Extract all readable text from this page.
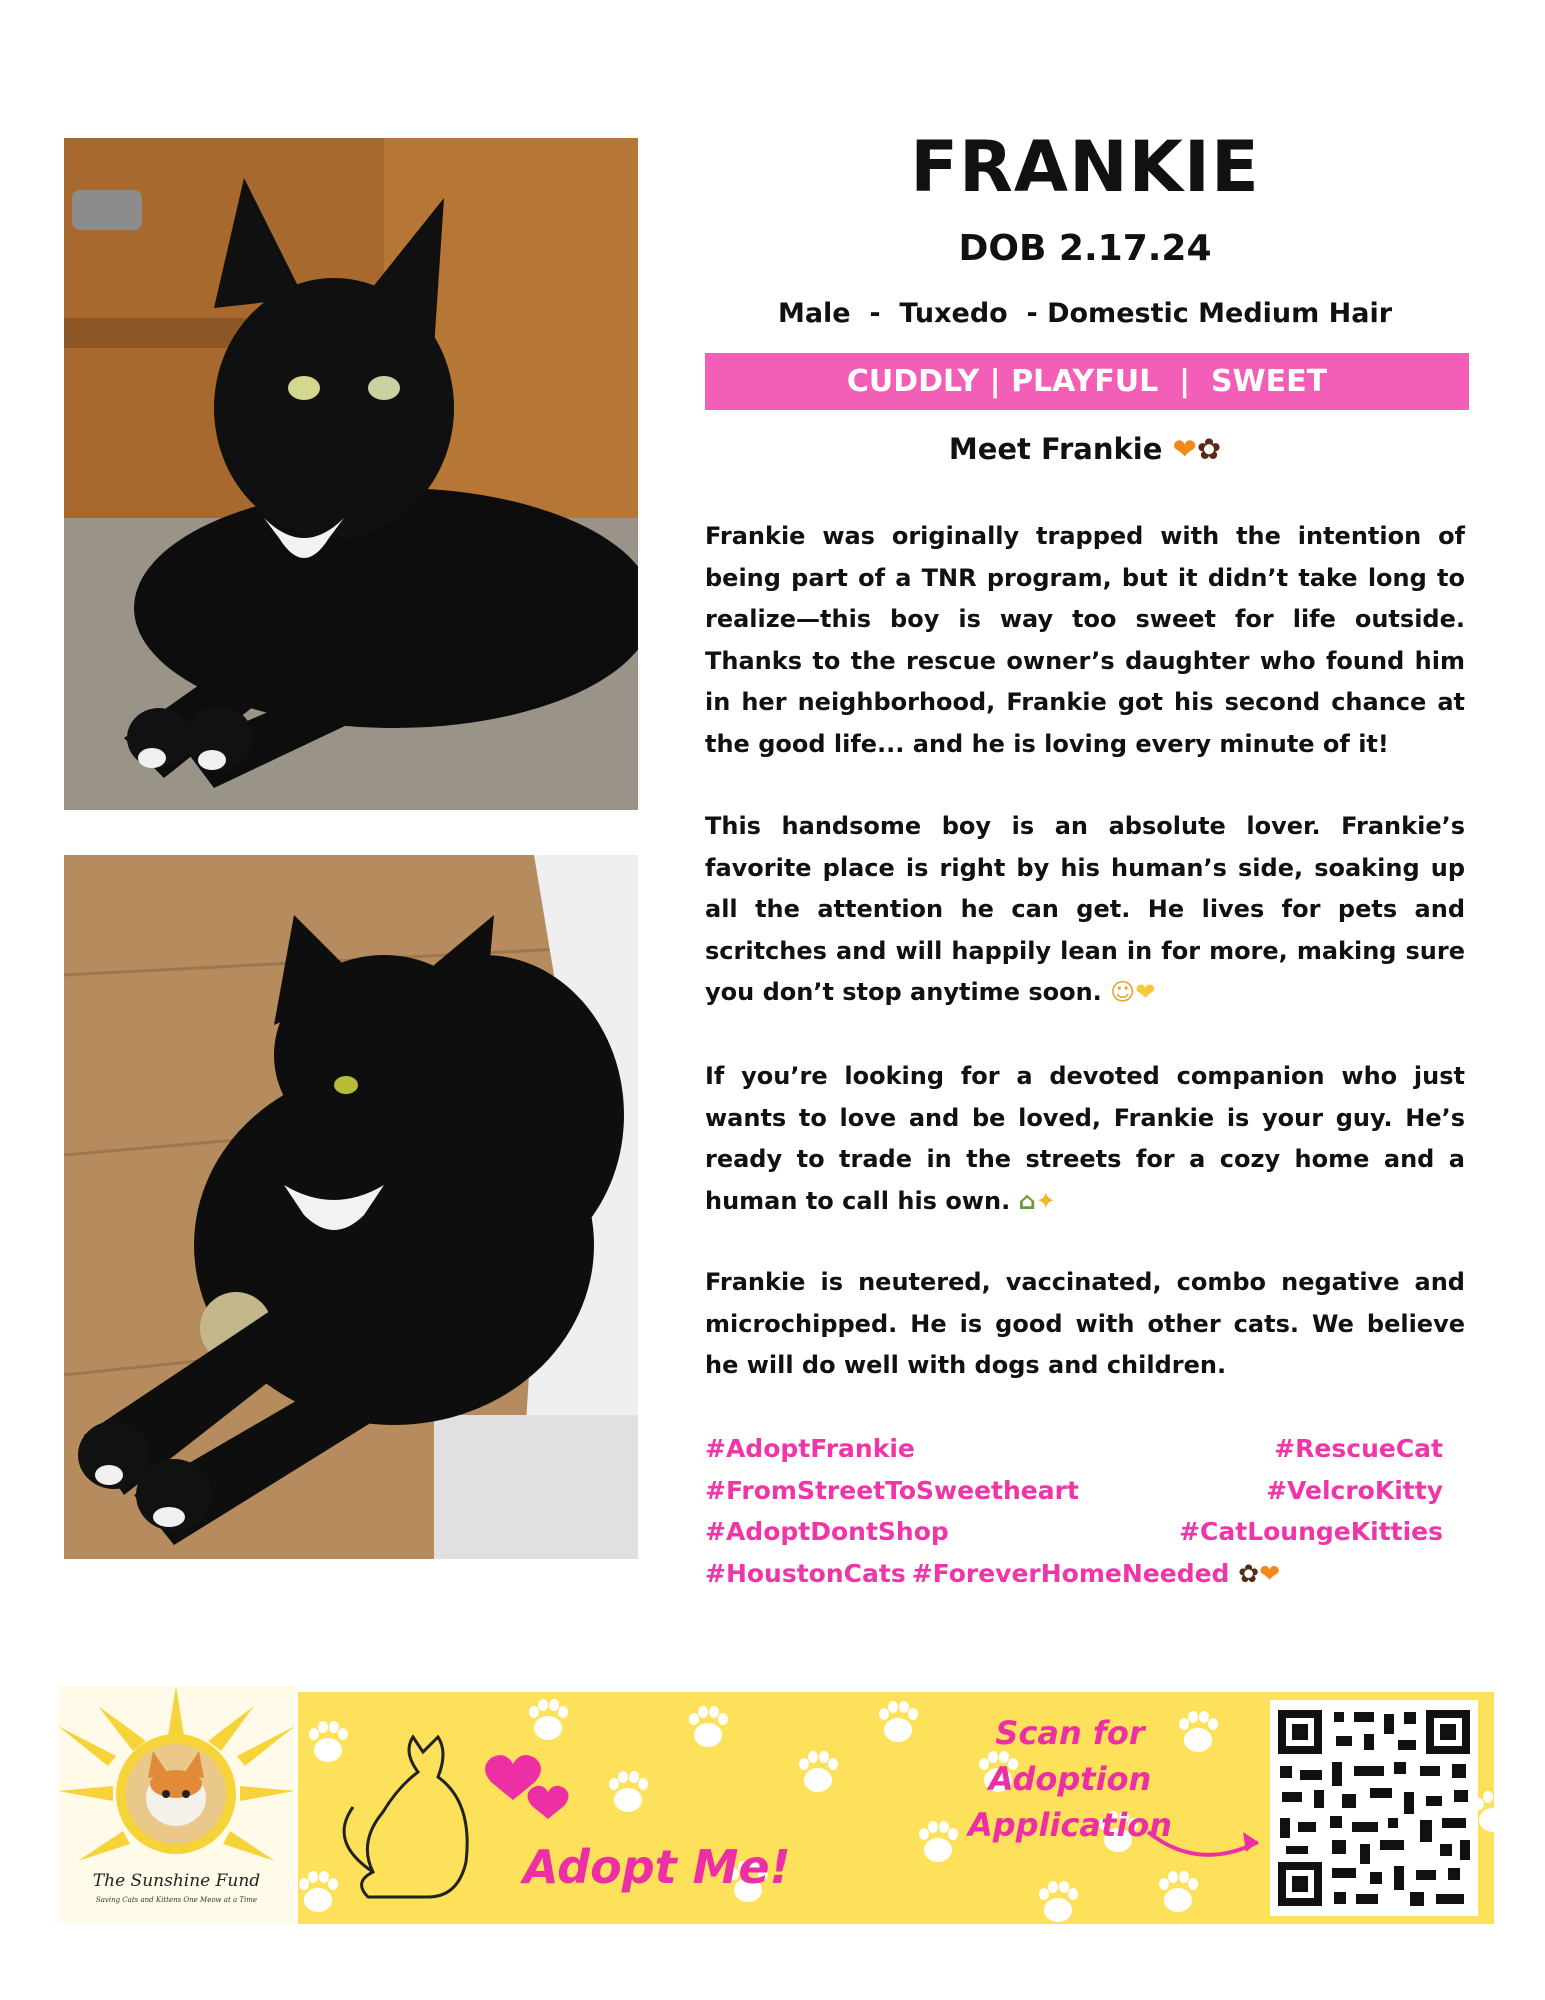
FRANKIE
DOB 2.17.24
Male  -  Tuxedo  - Domestic Medium Hair
CUDDLY | PLAYFUL  |  SWEET
Meet Frankie ❤✿

Frankie was originally trapped with the intention of being part of a TNR program, but it didn’t take long to realize—this boy is way too sweet for life outside. Thanks to the rescue owner’s daughter who found him in her neighborhood, Frankie got his second chance at the good life... and he is loving every minute of it!

This handsome boy is an absolute lover. Frankie’s favorite place is right by his human’s side, soaking up all the attention he can get. He lives for pets and scritches and will happily lean in for more, making sure you don’t stop anytime soon. ☺❤

If you’re looking for a devoted companion who just wants to love and be loved, Frankie is your guy. He’s ready to trade in the streets for a cozy home and a human to call his own. ⌂✦

Frankie is neutered, vaccinated, combo negative and microchipped. He is good with other cats. We believe he will do well with dogs and children.

#AdoptFrankie	#RescueCat #FromStreetToSweetheart	#VelcroKitty #AdoptDontShop	#CatLoungeKitties #HoustonCats #ForeverHomeNeeded ✿❤

The Sunshine Fund
Saving Cats and Kittens One Meow at a Time
Adopt Me!
Scan for Adoption Application
